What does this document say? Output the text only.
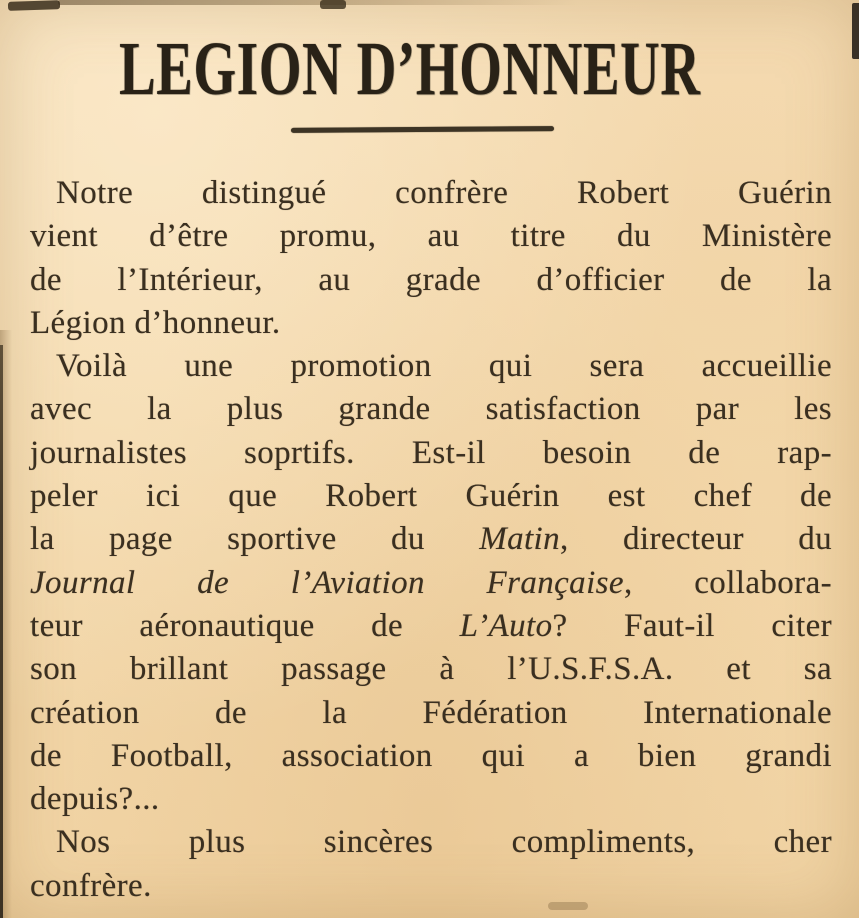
LEGION D’HONNEUR
Notre distingué confrère Robert Guérin
vient d’être promu, au titre du Ministère
de l’Intérieur, au grade d’officier de la
Légion d’honneur.
Voilà une promotion qui sera accueillie
avec la plus grande satisfaction par les
journalistes soprtifs. Est-il besoin de rap-
peler ici que Robert Guérin est chef de
la page sportive du Matin, directeur du
Journal de l’Aviation Française, collabora-
teur aéronautique de L’Auto? Faut-il citer
son brillant passage à l’U.S.F.S.A. et sa
création de la Fédération Internationale
de Football, association qui a bien grandi
depuis?...
Nos plus sincères compliments, cher
confrère.
